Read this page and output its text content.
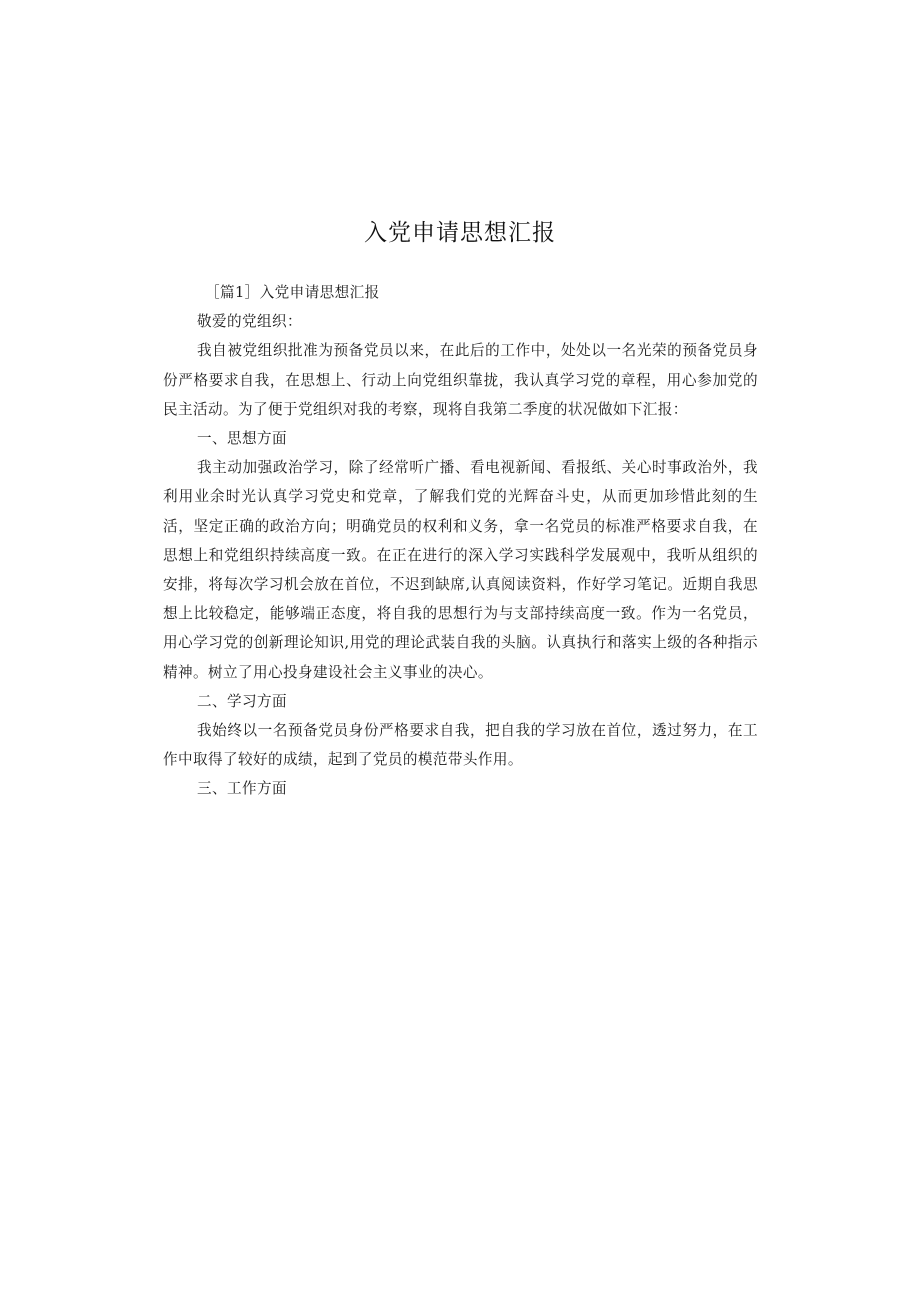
入党申请思想汇报

［篇1］入党申请思想汇报

敬爱的党组织：

我自被党组织批准为预备党员以来，在此后的工作中，处处以一名光荣的预备党员身份严格要求自我，在思想上、行动上向党组织靠拢，我认真学习党的章程，用心参加党的民主活动。为了便于党组织对我的考察，现将自我第二季度的状况做如下汇报：

一、思想方面

我主动加强政治学习，除了经常听广播、看电视新闻、看报纸、关心时事政治外，我利用业余时光认真学习党史和党章，了解我们党的光辉奋斗史，从而更加珍惜此刻的生活，坚定正确的政治方向；明确党员的权利和义务，拿一名党员的标准严格要求自我，在思想上和党组织持续高度一致。在正在进行的深入学习实践科学发展观中，我听从组织的安排，将每次学习机会放在首位，不迟到缺席,认真阅读资料，作好学习笔记。近期自我思想上比较稳定，能够端正态度，将自我的思想行为与支部持续高度一致。作为一名党员，用心学习党的创新理论知识,用党的理论武装自我的头脑。认真执行和落实上级的各种指示精神。树立了用心投身建设社会主义事业的决心。

二、学习方面

我始终以一名预备党员身份严格要求自我，把自我的学习放在首位，透过努力，在工作中取得了较好的成绩，起到了党员的模范带头作用。

三、工作方面
